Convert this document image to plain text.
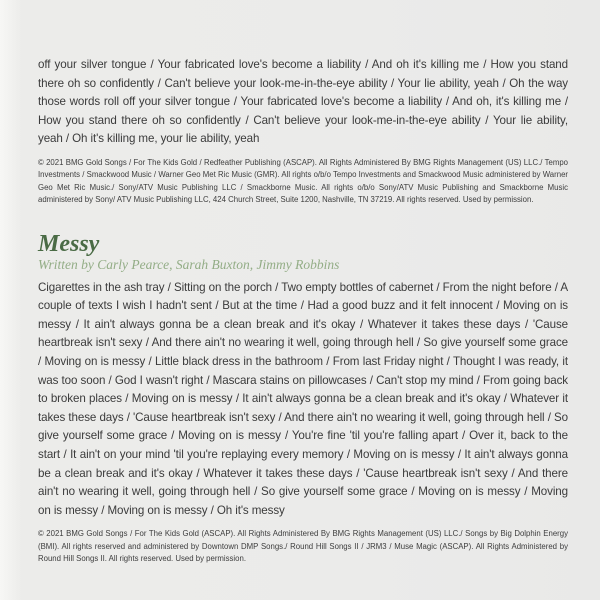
off your silver tongue / Your fabricated love's become a liability / And oh it's killing me / How you stand there oh so confidently / Can't believe your look-me-in-the-eye ability / Your lie ability, yeah / Oh the way those words roll off your silver tongue / Your fabricated love's become a liability / And oh, it's killing me / How you stand there oh so confidently / Can't believe your look-me-in-the-eye ability / Your lie ability, yeah / Oh it's killing me, your lie ability, yeah
© 2021 BMG Gold Songs / For The Kids Gold / Redfeather Publishing (ASCAP). All Rights Administered By BMG Rights Management (US) LLC./ Tempo Investments / Smackwood Music / Warner Geo Met Ric Music (GMR). All rights o/b/o Tempo Investments and Smackwood Music administered by Warner Geo Met Ric Music./ Sony/ATV Music Publishing LLC / Smackborne Music. All rights o/b/o Sony/ATV Music Publishing and Smackborne Music administered by Sony/ ATV Music Publishing LLC, 424 Church Street, Suite 1200, Nashville, TN 37219. All rights reserved. Used by permission.
Messy
Written by Carly Pearce, Sarah Buxton, Jimmy Robbins
Cigarettes in the ash tray / Sitting on the porch / Two empty bottles of cabernet / From the night before / A couple of texts I wish I hadn't sent / But at the time / Had a good buzz and it felt innocent / Moving on is messy / It ain't always gonna be a clean break and it's okay / Whatever it takes these days / 'Cause heartbreak isn't sexy / And there ain't no wearing it well, going through hell / So give yourself some grace / Moving on is messy / Little black dress in the bathroom / From last Friday night / Thought I was ready, it was too soon / God I wasn't right / Mascara stains on pillowcases / Can't stop my mind / From going back to broken places / Moving on is messy / It ain't always gonna be a clean break and it's okay / Whatever it takes these days / 'Cause heartbreak isn't sexy / And there ain't no wearing it well, going through hell / So give yourself some grace / Moving on is messy / You're fine 'til you're falling apart / Over it, back to the start / It ain't on your mind 'til you're replaying every memory / Moving on is messy / It ain't always gonna be a clean break and it's okay / Whatever it takes these days / 'Cause heartbreak isn't sexy / And there ain't no wearing it well, going through hell / So give yourself some grace / Moving on is messy / Moving on is messy / Moving on is messy / Oh it's messy
© 2021 BMG Gold Songs / For The Kids Gold (ASCAP). All Rights Administered By BMG Rights Management (US) LLC./ Songs by Big Dolphin Energy (BMI). All rights reserved and administered by Downtown DMP Songs./ Round Hill Songs II / JRM3 / Muse Magic (ASCAP). All Rights Administered by Round Hill Songs II. All rights reserved. Used by permission.
